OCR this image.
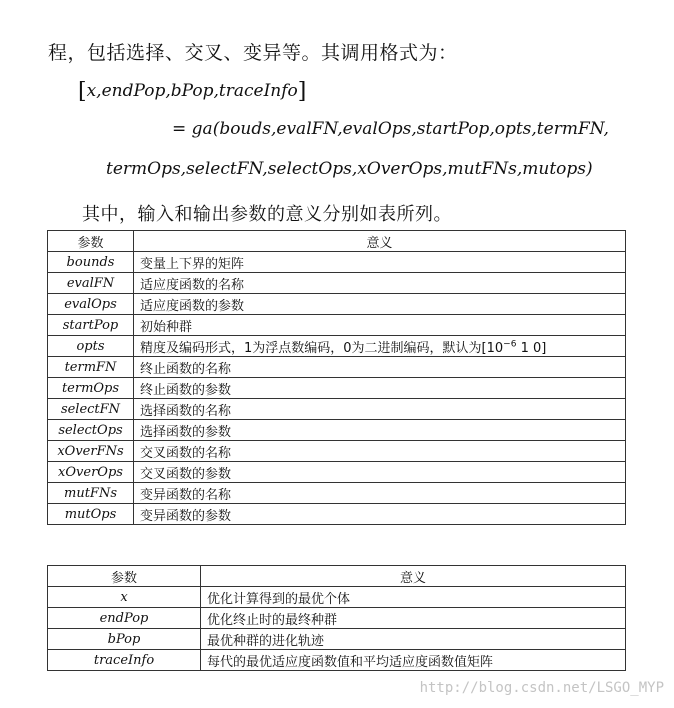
程，包括选择、交叉、变异等。其调用格式为：
[x,endPop,bPop,traceInfo]
= ga(bouds,evalFN,evalOps,startPop,opts,termFN,
termOps,selectFN,selectOps,xOverOps,mutFNs,mutops)
其中，输入和输出参数的意义分别如表所列。
参数	意义
bounds	变量上下界的矩阵
evalFN	适应度函数的名称
evalOps	适应度函数的参数
startPop	初始种群
opts	精度及编码形式，1为浮点数编码，0为二进制编码，默认为[$10^{-6}$ 1 0]
termFN	终止函数的名称
termOps	终止函数的参数
selectFN	选择函数的名称
selectOps	选择函数的参数
xOverFNs	交叉函数的名称
xOverOps	交叉函数的参数
mutFNs	变异函数的名称
mutOps	变异函数的参数
参数	意义
x	优化计算得到的最优个体
endPop	优化终止时的最终种群
bPop	最优种群的进化轨迹
traceInfo	每代的最优适应度函数值和平均适应度函数值矩阵
http://blog.csdn.net/LSGO_MYP
